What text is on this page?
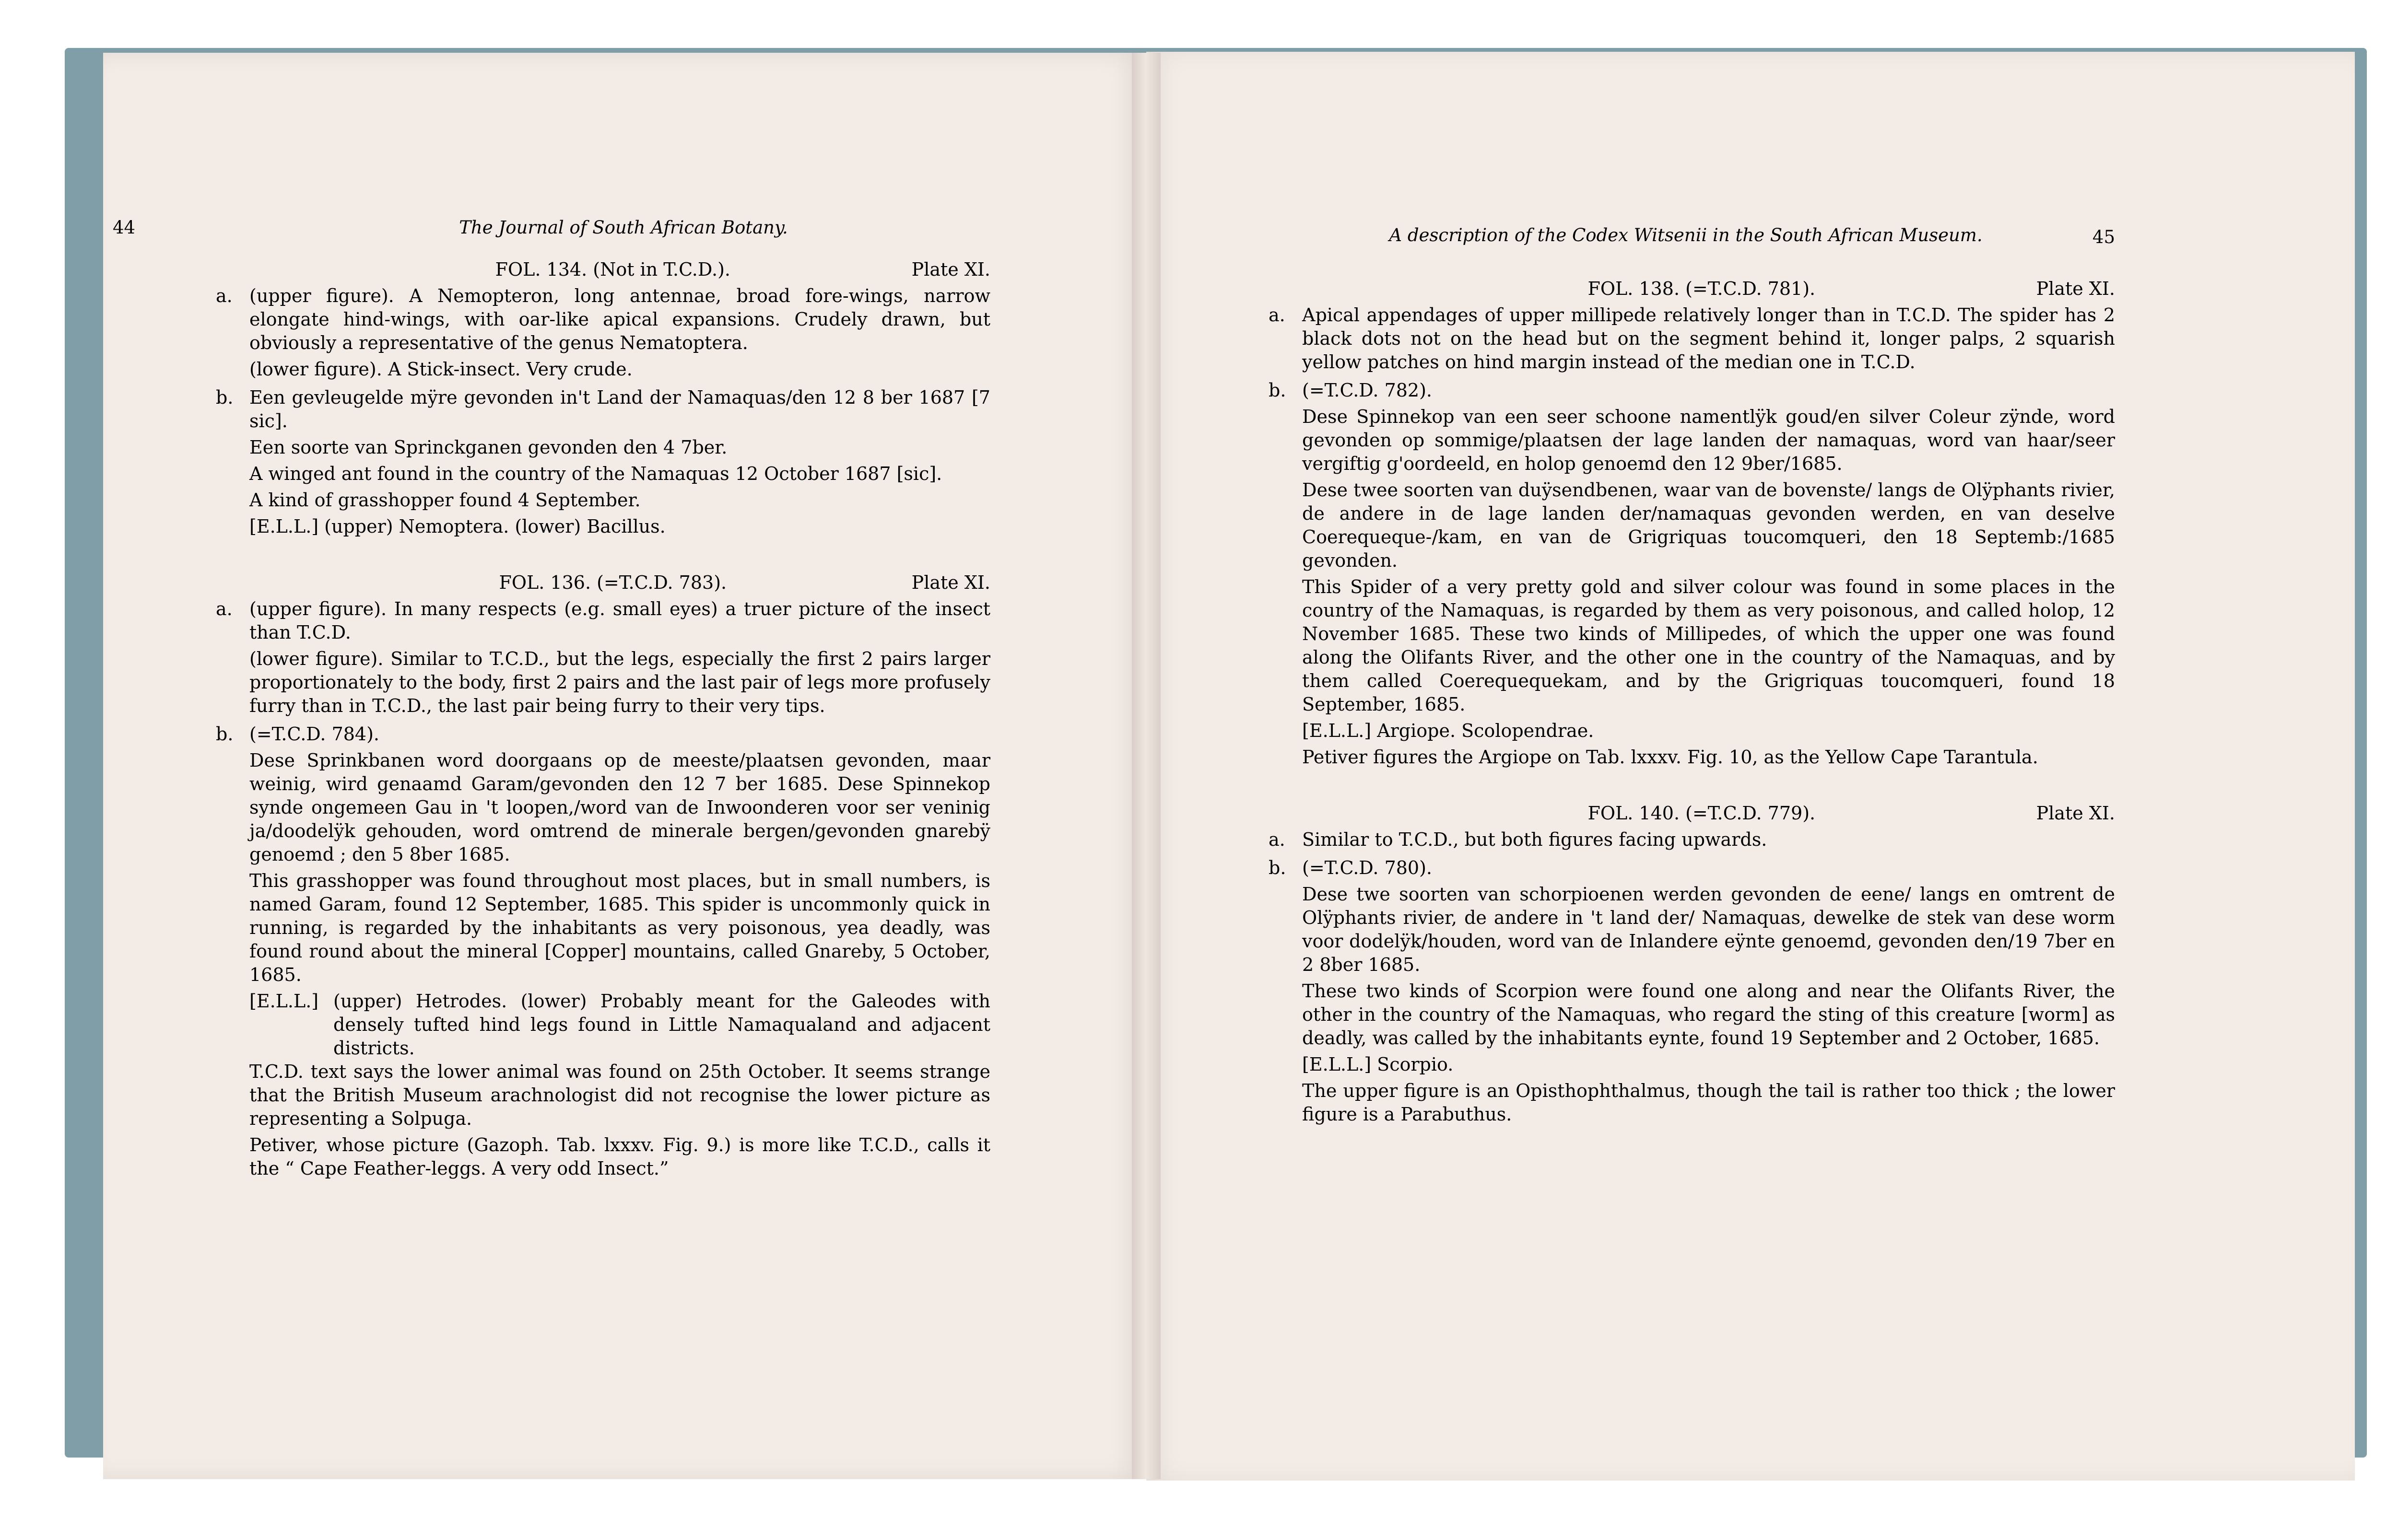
44	The Journal of South African Botany.
FOL. 134. (Not in T.C.D.).	Plate XI.
a. (upper figure). A Nemopteron, long antennae, broad fore-wings, narrow elongate hind-wings, with oar-like apical expansions. Crudely drawn, but obviously a representative of the genus Nematoptera.

(lower figure). A Stick-insect. Very crude.

b. Een gevleugelde mÿre gevonden in't Land der Namaquas/den 12 8 ber 1687 [7 sic].

Een soorte van Sprinckganen gevonden den 4 7ber.

A winged ant found in the country of the Namaquas 12 October 1687 [sic].

A kind of grasshopper found 4 September.

[E.L.L.] (upper) Nemoptera. (lower) Bacillus.

FOL. 136. (=T.C.D. 783).	Plate XI.
a. (upper figure). In many respects (e.g. small eyes) a truer picture of the insect than T.C.D.

(lower figure). Similar to T.C.D., but the legs, especially the first 2 pairs larger proportionately to the body, first 2 pairs and the last pair of legs more profusely furry than in T.C.D., the last pair being furry to their very tips.

b. (=T.C.D. 784).

Dese Sprinkbanen word doorgaans op de meeste/plaatsen gevonden, maar weinig, wird genaamd Garam/gevonden den 12 7 ber 1685. Dese Spinnekop synde ongemeen Gau in 't loopen,/word van de Inwoonderen voor ser veninig ja/doodelÿk gehouden, word omtrend de minerale bergen/gevonden gnarebÿ genoemd ; den 5 8ber 1685.

This grasshopper was found throughout most places, but in small numbers, is named Garam, found 12 September, 1685. This spider is uncommonly quick in running, is regarded by the inhabitants as very poisonous, yea deadly, was found round about the mineral [Copper] mountains, called Gnareby, 5 October, 1685.

[E.L.L.] (upper) Hetrodes. (lower) Probably meant for the Galeodes with densely tufted hind legs found in Little Namaqualand and adjacent districts.

T.C.D. text says the lower animal was found on 25th October. It seems strange that the British Museum arachnologist did not recognise the lower picture as representing a Solpuga.

Petiver, whose picture (Gazoph. Tab. lxxxv. Fig. 9.) is more like T.C.D., calls it the “ Cape Feather-leggs. A very odd Insect.”

A description of the Codex Witsenii in the South African Museum.	45
FOL. 138. (=T.C.D. 781).	Plate XI.
a. Apical appendages of upper millipede relatively longer than in T.C.D. The spider has 2 black dots not on the head but on the segment behind it, longer palps, 2 squarish yellow patches on hind margin instead of the median one in T.C.D.

b. (=T.C.D. 782).

Dese Spinnekop van een seer schoone namentlÿk goud/en silver Coleur zÿnde, word gevonden op sommige/plaatsen der lage landen der namaquas, word van haar/seer vergiftig g'oordeeld, en holop genoemd den 12 9ber/1685.

Dese twee soorten van duÿsendbenen, waar van de bovenste/ langs de Olÿphants rivier, de andere in de lage landen der/namaquas gevonden werden, en van deselve Coerequeque-/kam, en van de Grigriquas toucomqueri, den 18 Septemb:/1685 gevonden.

This Spider of a very pretty gold and silver colour was found in some places in the country of the Namaquas, is regarded by them as very poisonous, and called holop, 12 November 1685. These two kinds of Millipedes, of which the upper one was found along the Olifants River, and the other one in the country of the Namaquas, and by them called Coerequequekam, and by the Grigriquas toucomqueri, found 18 September, 1685.

[E.L.L.] Argiope. Scolopendrae.

Petiver figures the Argiope on Tab. lxxxv. Fig. 10, as the Yellow Cape Tarantula.

FOL. 140. (=T.C.D. 779).	Plate XI.
a. Similar to T.C.D., but both figures facing upwards.

b. (=T.C.D. 780).

Dese twe soorten van schorpioenen werden gevonden de eene/ langs en omtrent de Olÿphants rivier, de andere in 't land der/ Namaquas, dewelke de stek van dese worm voor dodelÿk/houden, word van de Inlandere eÿnte genoemd, gevonden den/19 7ber en 2 8ber 1685.

These two kinds of Scorpion were found one along and near the Olifants River, the other in the country of the Namaquas, who regard the sting of this creature [worm] as deadly, was called by the inhabitants eynte, found 19 September and 2 October, 1685.

[E.L.L.] Scorpio.

The upper figure is an Opisthophthalmus, though the tail is rather too thick ; the lower figure is a Parabuthus.
